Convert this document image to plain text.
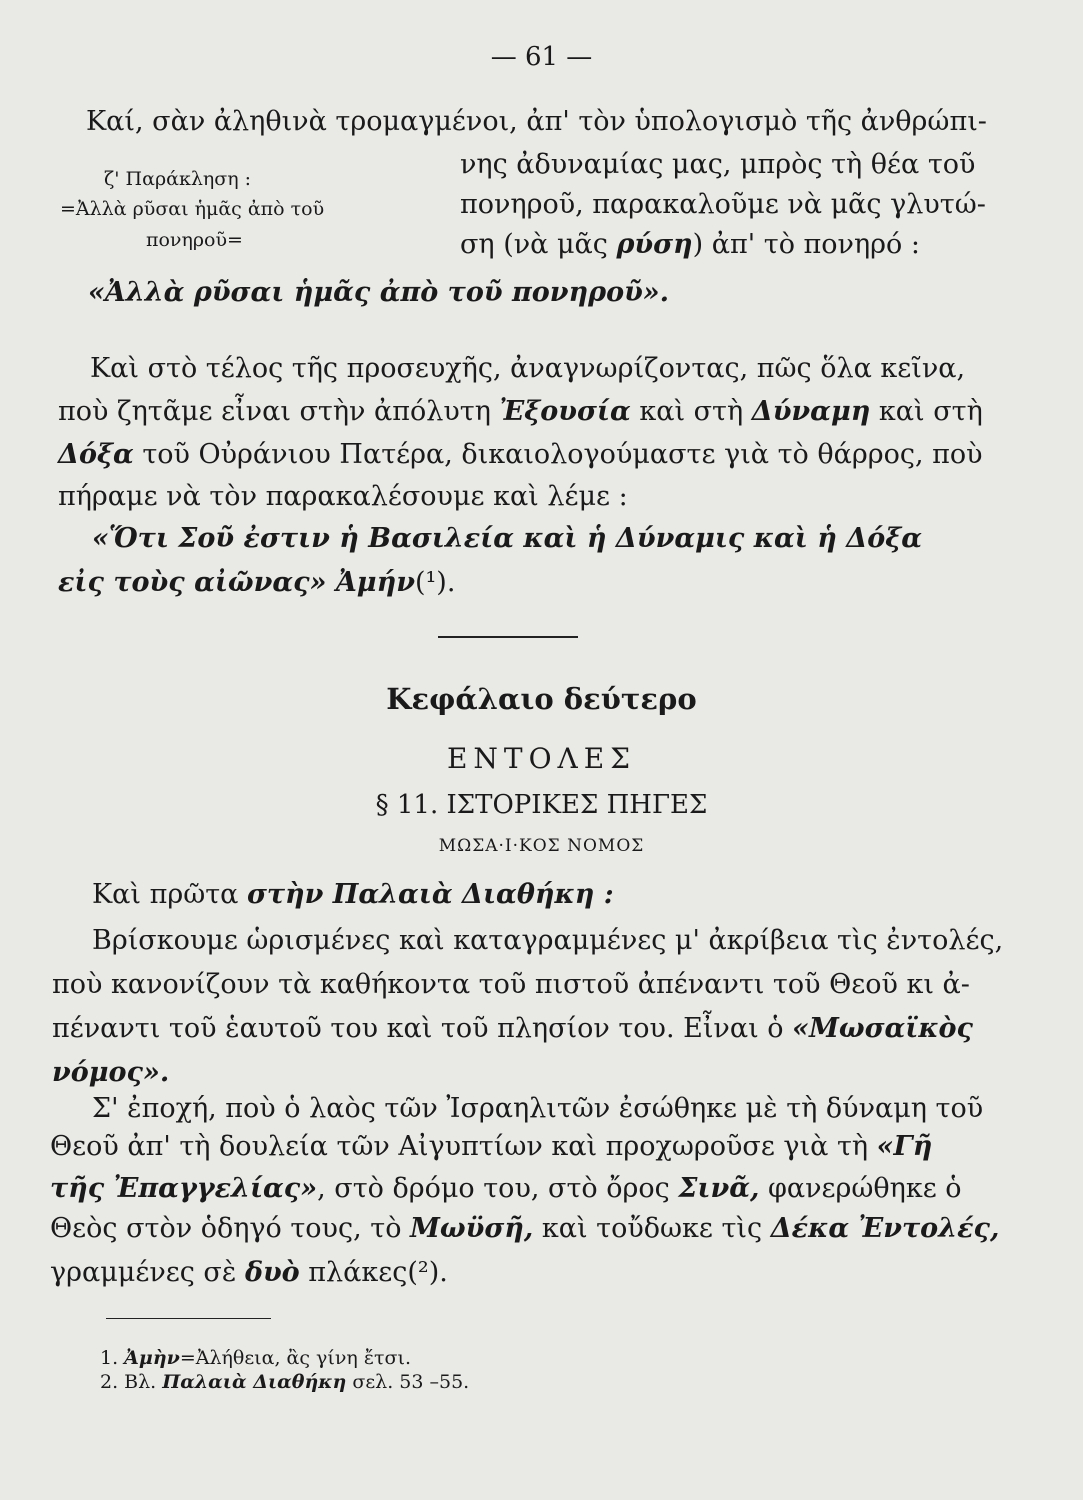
— 61 —
Καί, σὰν ἀληθινὰ τρομαγμένοι, ἀπ' τὸν ὑπολογισμὸ τῆς ἀνθρώπι-
ζ' Παράκληση :
=Ἀλλὰ ρῦσαι ἡμᾶς ἀπὸ τοῦ
πονηροῦ=
νης ἀδυναμίας μας, μπρὸς τὴ θέα τοῦ
πονηροῦ, παρακαλοῦμε νὰ μᾶς γλυτώ-
ση (νὰ μᾶς ρύση) ἀπ' τὸ πονηρό :
«Ἀλλὰ ρῦσαι ἡμᾶς ἀπὸ τοῦ πονηροῦ».
Καὶ στὸ τέλος τῆς προσευχῆς, ἀναγνωρίζοντας, πῶς ὅλα κεῖνα,
ποὺ ζητᾶμε εἶναι στὴν ἀπόλυτη Ἐξουσία καὶ στὴ Δύναμη καὶ στὴ
Δόξα τοῦ Οὐράνιου Πατέρα, δικαιολογούμαστε γιὰ τὸ θάρρος, ποὺ
πήραμε νὰ τὸν παρακαλέσουμε καὶ λέμε :
«Ὅτι Σοῦ ἐστιν ἡ Βασιλεία καὶ ἡ Δύναμις καὶ ἡ Δόξα
εἰς τοὺς αἰῶνας» Ἀμήν(¹).
Κεφάλαιο δεύτερο
ΕΝΤΟΛΕΣ
§ 11. ΙΣΤΟΡΙΚΕΣ ΠΗΓΕΣ
ΜΩΣΑ·Ι·ΚΟΣ ΝΟΜΟΣ
Καὶ πρῶτα στὴν Παλαιὰ Διαθήκη :
Βρίσκουμε ὡρισμένες καὶ καταγραμμένες μ' ἀκρίβεια τὶς ἐντολές,
ποὺ κανονίζουν τὰ καθήκοντα τοῦ πιστοῦ ἀπέναντι τοῦ Θεοῦ κι ἀ-
πέναντι τοῦ ἑαυτοῦ του καὶ τοῦ πλησίον του. Εἶναι ὁ «Μωσαϊκὸς
νόμος».
Σ' ἐποχή, ποὺ ὁ λαὸς τῶν Ἰσραηλιτῶν ἐσώθηκε μὲ τὴ δύναμη τοῦ
Θεοῦ ἀπ' τὴ δουλεία τῶν Αἰγυπτίων καὶ προχωροῦσε γιὰ τὴ «Γῆ
τῆς Ἐπαγγελίας», στὸ δρόμο του, στὸ ὄρος Σινᾶ, φανερώθηκε ὁ
Θεὸς στὸν ὁδηγό τους, τὸ Μωϋσῆ, καὶ τοὔδωκε τὶς Δέκα Ἐντολές,
γραμμένες σὲ δυὸ πλάκες(²).
1. Ἀμὴν=Ἀλήθεια, ἂς γίνη ἔτσι.
2. Βλ. Παλαιὰ Διαθήκη σελ. 53 –55.
